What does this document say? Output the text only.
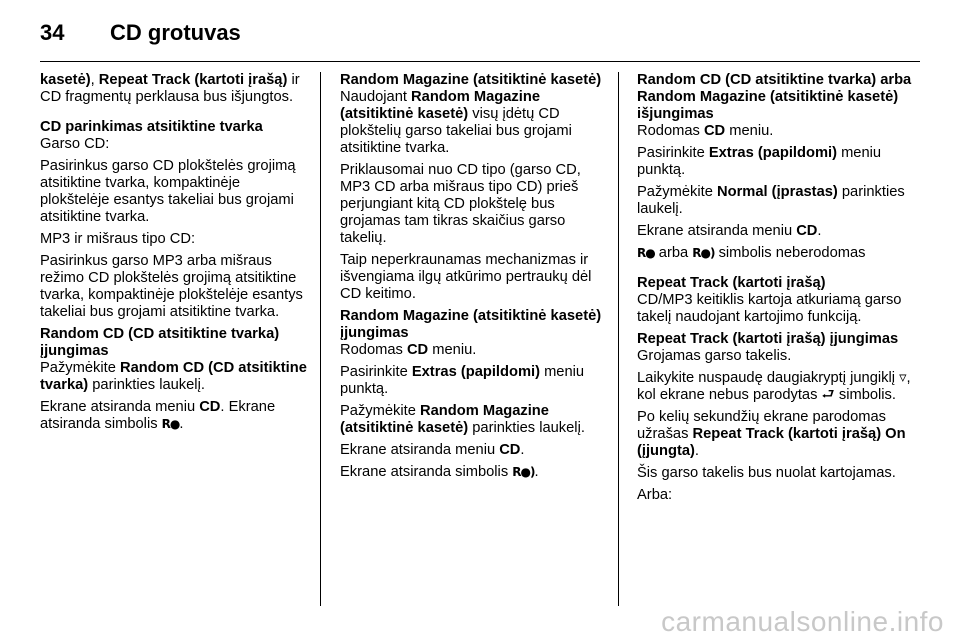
34	CD grotuvas

kasetė), Repeat Track (kartoti įrašą) ir CD fragmentų perklausa bus išjungtos.

CD parinkimas atsitiktine tvarka

Garso CD:

Pasirinkus garso CD plokštelės grojimą atsitiktine tvarka, kompaktinėje plokštelėje esantys takeliai bus grojami atsitiktine tvarka.

MP3 ir mišraus tipo CD:

Pasirinkus garso MP3 arba mišraus režimo CD plokštelės grojimą atsitiktine tvarka, kompaktinėje plokštelėje esantys takeliai bus grojami atsitiktine tvarka.

Random CD (CD atsitiktine tvarka) įjungimas

Pažymėkite Random CD (CD atsitiktine tvarka) parinkties laukelį.

Ekrane atsiranda meniu CD. Ekrane atsiranda simbolis R●.

Random Magazine (atsitiktinė kasetė)

Naudojant Random Magazine (atsitiktinė kasetė) visų įdėtų CD plokštelių garso takeliai bus grojami atsitiktine tvarka.

Priklausomai nuo CD tipo (garso CD, MP3 CD arba mišraus tipo CD) prieš perjungiant kitą CD plokštelę bus grojamas tam tikras skaičius garso takelių.

Taip neperkraunamas mechanizmas ir išvengiama ilgų atkūrimo pertraukų dėl CD keitimo.

Random Magazine (atsitiktinė kasetė) įjungimas

Rodomas CD meniu.

Pasirinkite Extras (papildomi) meniu punktą.

Pažymėkite Random Magazine (atsitiktinė kasetė) parinkties laukelį.

Ekrane atsiranda meniu CD.

Ekrane atsiranda simbolis R●).

Random CD (CD atsitiktine tvarka) arba Random Magazine (atsitiktinė kasetė) išjungimas

Rodomas CD meniu.

Pasirinkite Extras (papildomi) meniu punktą.

Pažymėkite Normal (įprastas) parinkties laukelį.

Ekrane atsiranda meniu CD.

R● arba R●) simbolis neberodomas

Repeat Track (kartoti įrašą)

CD/MP3 keitiklis kartoja atkuriamą garso takelį naudojant kartojimo funkciją.

Repeat Track (kartoti įrašą) įjungimas

Grojamas garso takelis.

Laikykite nuspaudę daugiakryptį jungiklį ▿, kol ekrane nebus parodytas ⮐ simbolis.

Po kelių sekundžių ekrane parodomas užrašas Repeat Track (kartoti įrašą) On (įjungta).

Šis garso takelis bus nuolat kartojamas.

Arba:

carmanualsonline.info
